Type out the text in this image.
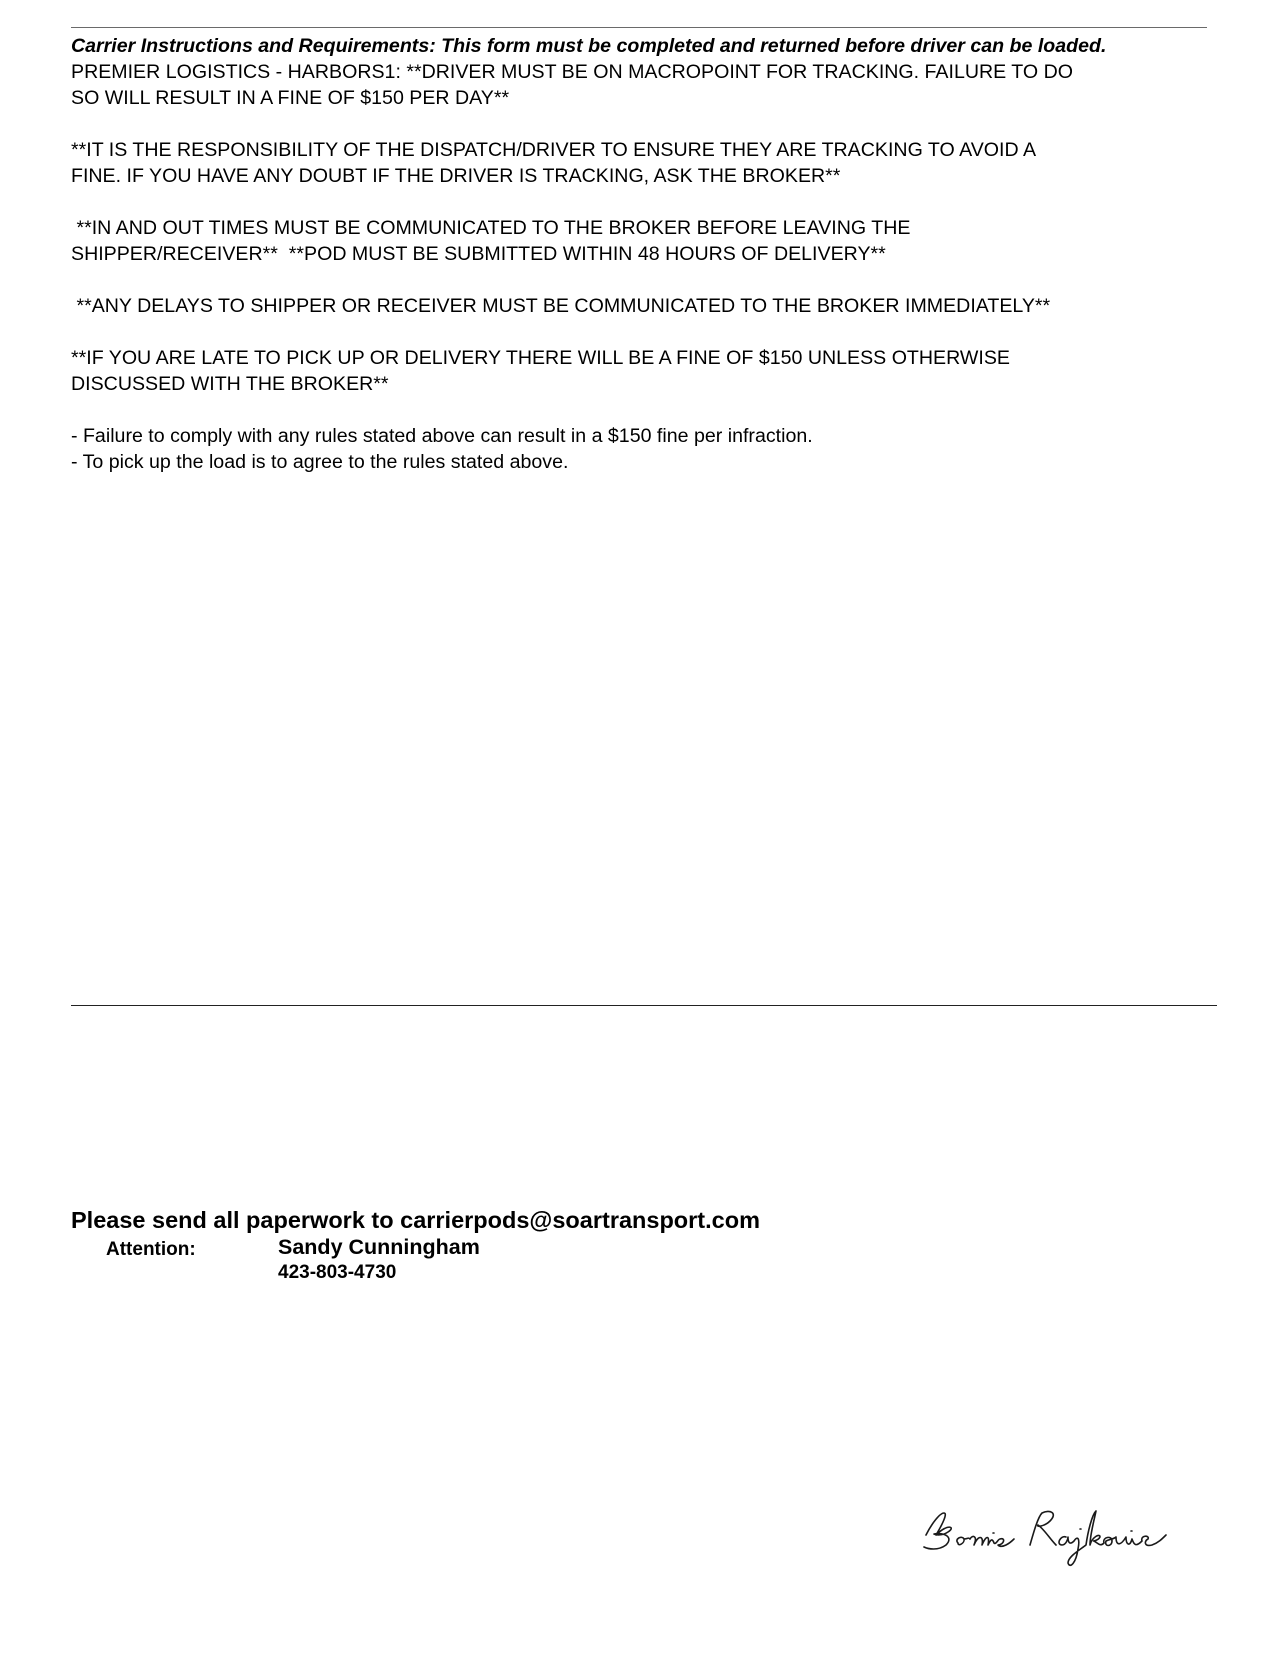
Carrier Instructions and Requirements: This form must be completed and returned before driver can be loaded.
PREMIER LOGISTICS - HARBORS1: **DRIVER MUST BE ON MACROPOINT FOR TRACKING. FAILURE TO DO
SO WILL RESULT IN A FINE OF $150 PER DAY**
**IT IS THE RESPONSIBILITY OF THE DISPATCH/DRIVER TO ENSURE THEY ARE TRACKING TO AVOID A
FINE. IF YOU HAVE ANY DOUBT IF THE DRIVER IS TRACKING, ASK THE BROKER**
**IN AND OUT TIMES MUST BE COMMUNICATED TO THE BROKER BEFORE LEAVING THE
SHIPPER/RECEIVER**  **POD MUST BE SUBMITTED WITHIN 48 HOURS OF DELIVERY**
**ANY DELAYS TO SHIPPER OR RECEIVER MUST BE COMMUNICATED TO THE BROKER IMMEDIATELY**
**IF YOU ARE LATE TO PICK UP OR DELIVERY THERE WILL BE A FINE OF $150 UNLESS OTHERWISE
DISCUSSED WITH THE BROKER**
- Failure to comply with any rules stated above can result in a $150 fine per infraction.
- To pick up the load is to agree to the rules stated above.
Please send all paperwork to carrierpods@soartransport.com
Attention:	Sandy Cunningham
423-803-4730
